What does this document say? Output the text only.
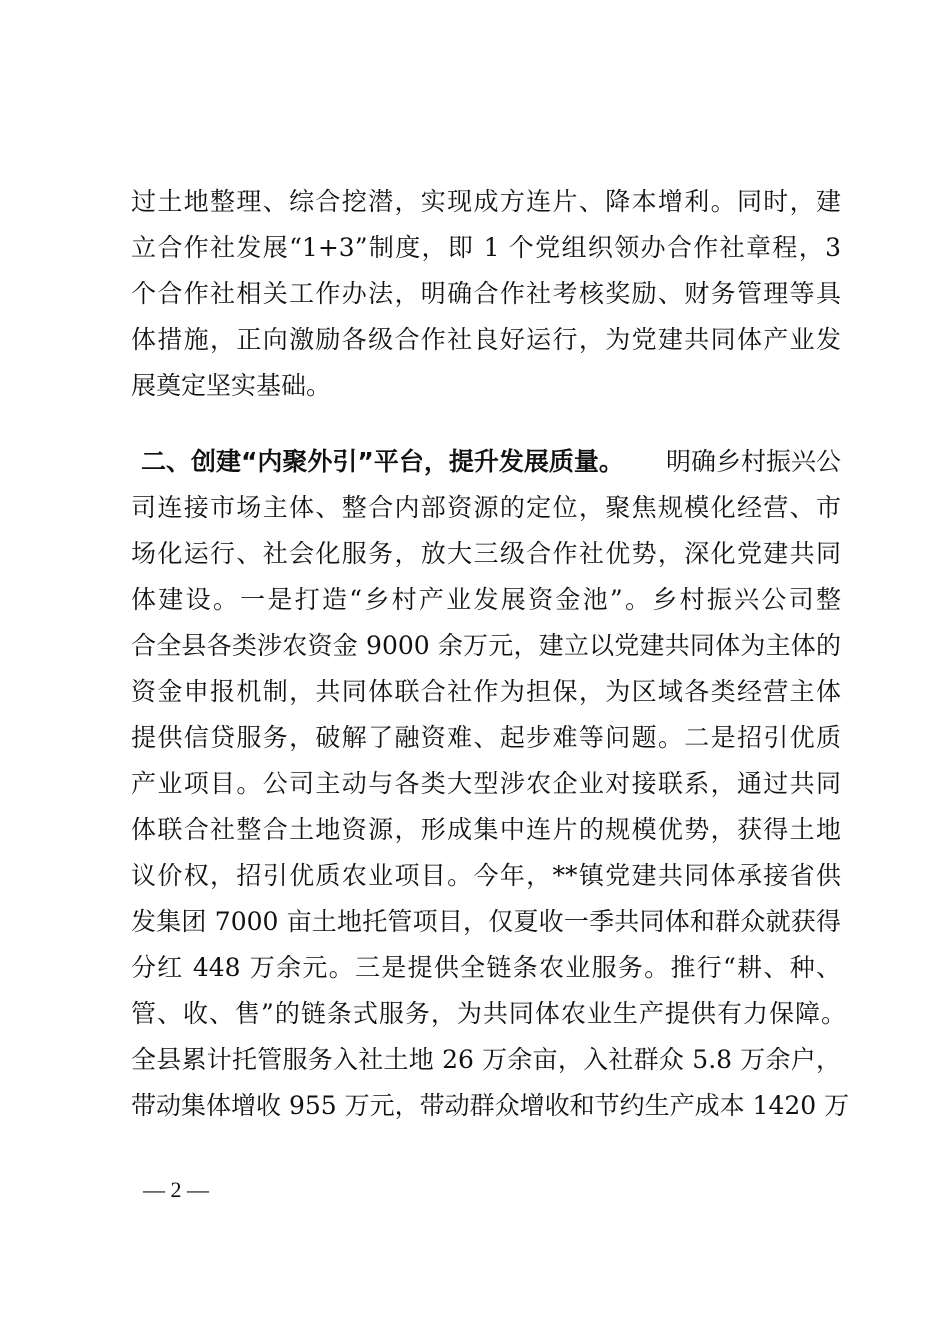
过土地整理、综合挖潜，实现成方连片、降本增利。同时，建
立合作社发展“1+3”制度，即 1 个党组织领办合作社章程，3
个合作社相关工作办法，明确合作社考核奖励、财务管理等具
体措施，正向激励各级合作社良好运行，为党建共同体产业发
展奠定坚实基础。
二、创建“内聚外引”平台，提升发展质量。 明确乡村振兴公
司连接市场主体、整合内部资源的定位，聚焦规模化经营、市
场化运行、社会化服务，放大三级合作社优势，深化党建共同
体建设。一是打造“乡村产业发展资金池”。乡村振兴公司整
合全县各类涉农资金 9000 余万元，建立以党建共同体为主体的
资金申报机制，共同体联合社作为担保，为区域各类经营主体
提供信贷服务，破解了融资难、起步难等问题。二是招引优质
产业项目。公司主动与各类大型涉农企业对接联系，通过共同
体联合社整合土地资源，形成集中连片的规模优势，获得土地
议价权，招引优质农业项目。今年，**镇党建共同体承接省供
发集团 7000 亩土地托管项目，仅夏收一季共同体和群众就获得
分红 448 万余元。三是提供全链条农业服务。推行“耕、种、
管、收、售”的链条式服务，为共同体农业生产提供有力保障。
全县累计托管服务入社土地 26 万余亩，入社群众 5.8 万余户，
带动集体增收 955 万元，带动群众增收和节约生产成本 1420 万
— 2 —
